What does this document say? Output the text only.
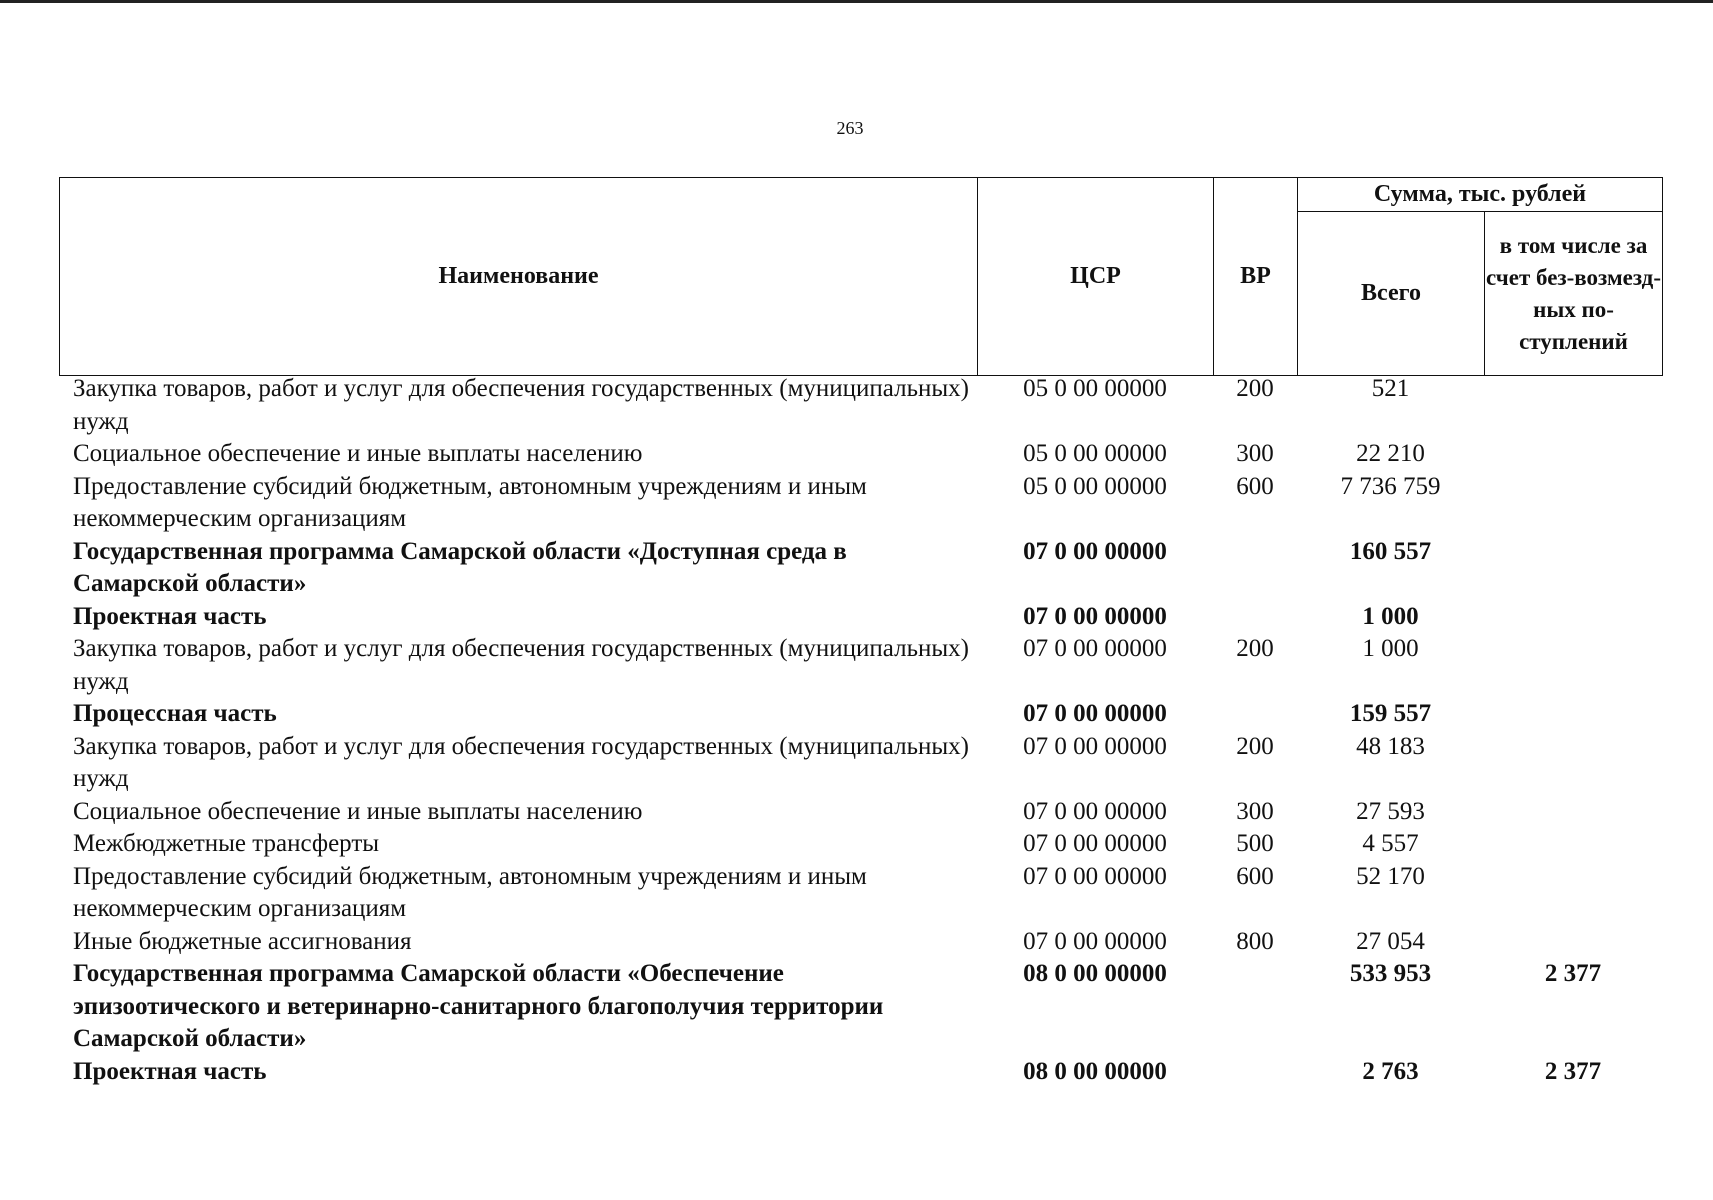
263
Наименование	ЦСР	ВР	Сумма, тыс. рублей	
			Всего	в том числе за счет без-возмезд-ных по-ступлений
Закупка товаров, работ и услуг для обеспечения государственных (муниципальных) нужд	05 0 00 00000	200	521	
Социальное обеспечение и иные выплаты населению	05 0 00 00000	300	22 210	
Предоставление субсидий бюджетным, автономным учреждениям и иным некоммерческим организациям	05 0 00 00000	600	7 736 759	
Государственная программа Самарской области «Доступная среда в Самарской области»	07 0 00 00000		160 557	
Проектная часть	07 0 00 00000		1 000	
Закупка товаров, работ и услуг для обеспечения государственных (муниципальных) нужд	07 0 00 00000	200	1 000	
Процессная часть	07 0 00 00000		159 557	
Закупка товаров, работ и услуг для обеспечения государственных (муниципальных) нужд	07 0 00 00000	200	48 183	
Социальное обеспечение и иные выплаты населению	07 0 00 00000	300	27 593	
Межбюджетные трансферты	07 0 00 00000	500	4 557	
Предоставление субсидий бюджетным, автономным учреждениям и иным некоммерческим организациям	07 0 00 00000	600	52 170	
Иные бюджетные ассигнования	07 0 00 00000	800	27 054	
Государственная программа Самарской области «Обеспечение эпизоотического и ветеринарно-санитарного благополучия территории Самарской области»	08 0 00 00000		533 953	2 377
Проектная часть	08 0 00 00000		2 763	2 377
